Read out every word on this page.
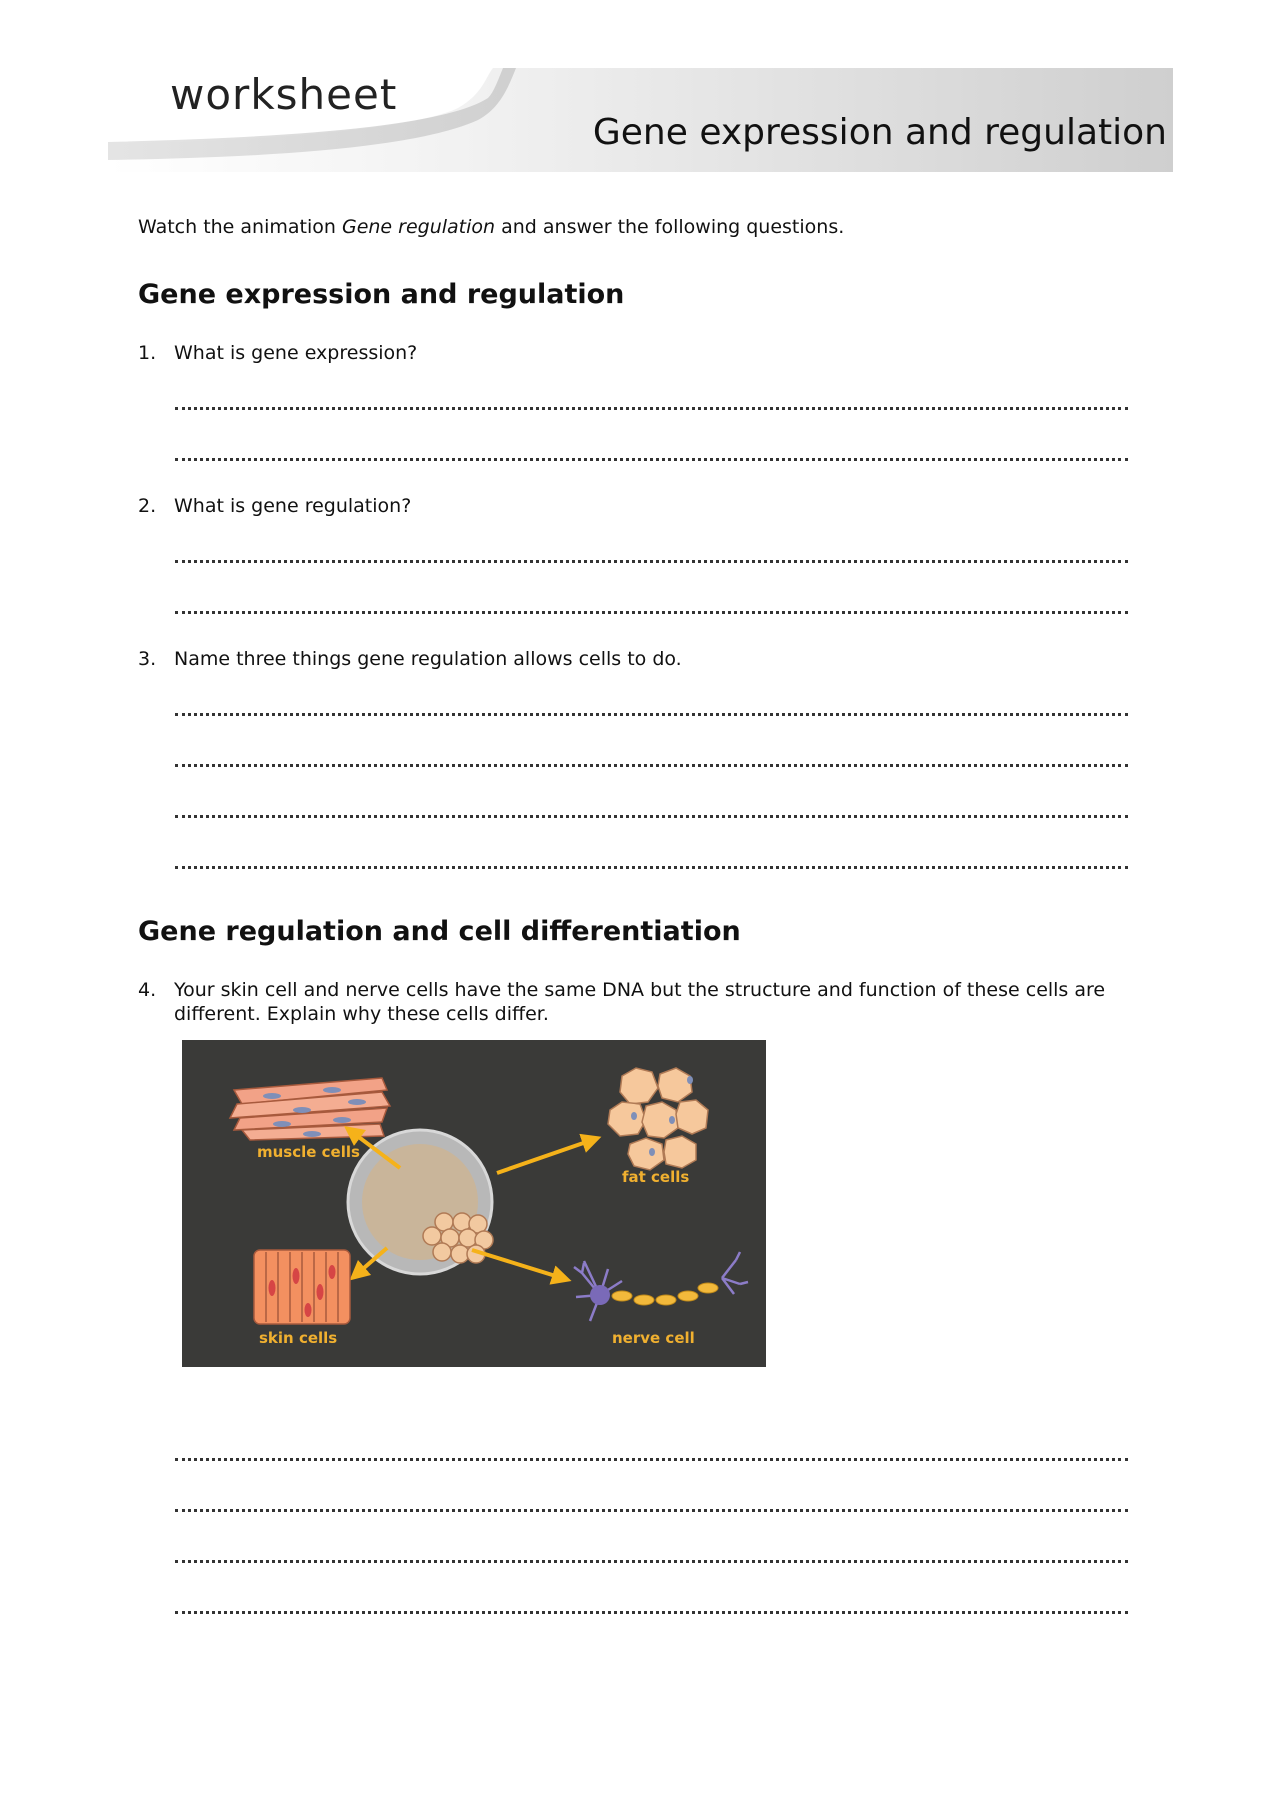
worksheet
Gene expression and regulation
Watch the animation Gene regulation and answer the following questions.
Gene expression and regulation
1. What is gene expression?
2. What is gene regulation?
3. Name three things gene regulation allows cells to do.
Gene regulation and cell differentiation
4. Your skin cell and nerve cells have the same DNA but the structure and function of these cells are different. Explain why these cells differ.
muscle cells
fat cells
skin cells	nerve cell
